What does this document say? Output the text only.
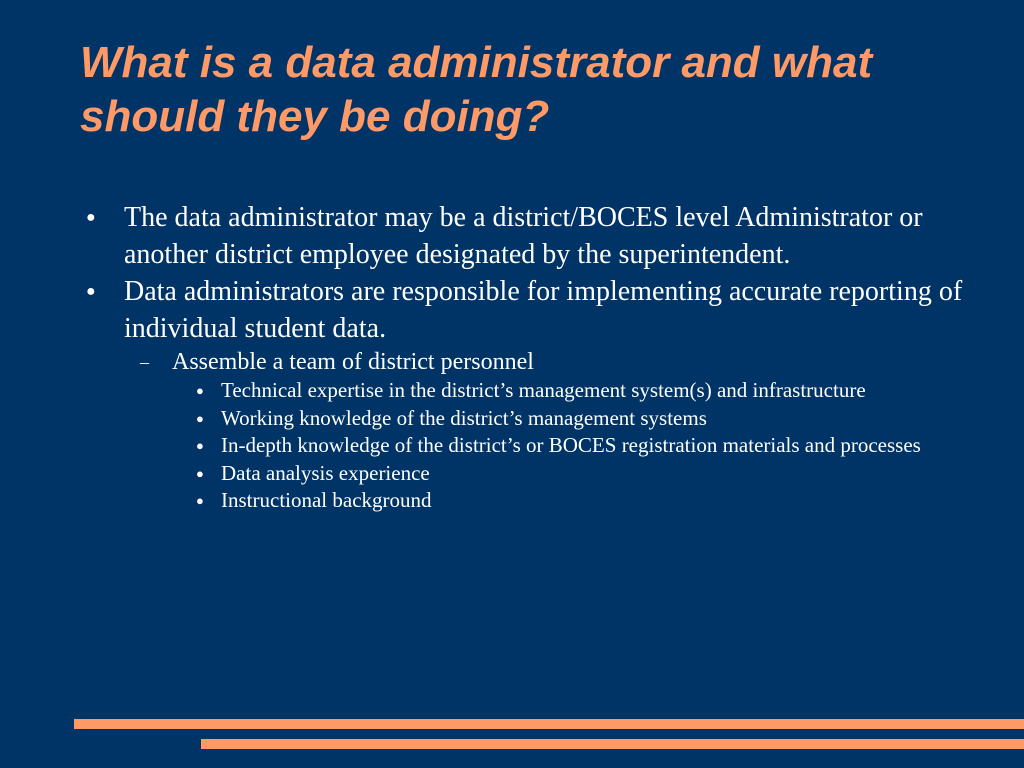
What is a data administrator and what should they be doing?
● The data administrator may be a district/BOCES level Administrator or another district employee designated by the superintendent.
● Data administrators are responsible for implementing accurate reporting of individual student data.
– Assemble a team of district personnel
● Technical expertise in the district’s management system(s) and infrastructure
● Working knowledge of the district’s management systems
● In-depth knowledge of the district’s or BOCES registration materials and processes
● Data analysis experience
● Instructional background
